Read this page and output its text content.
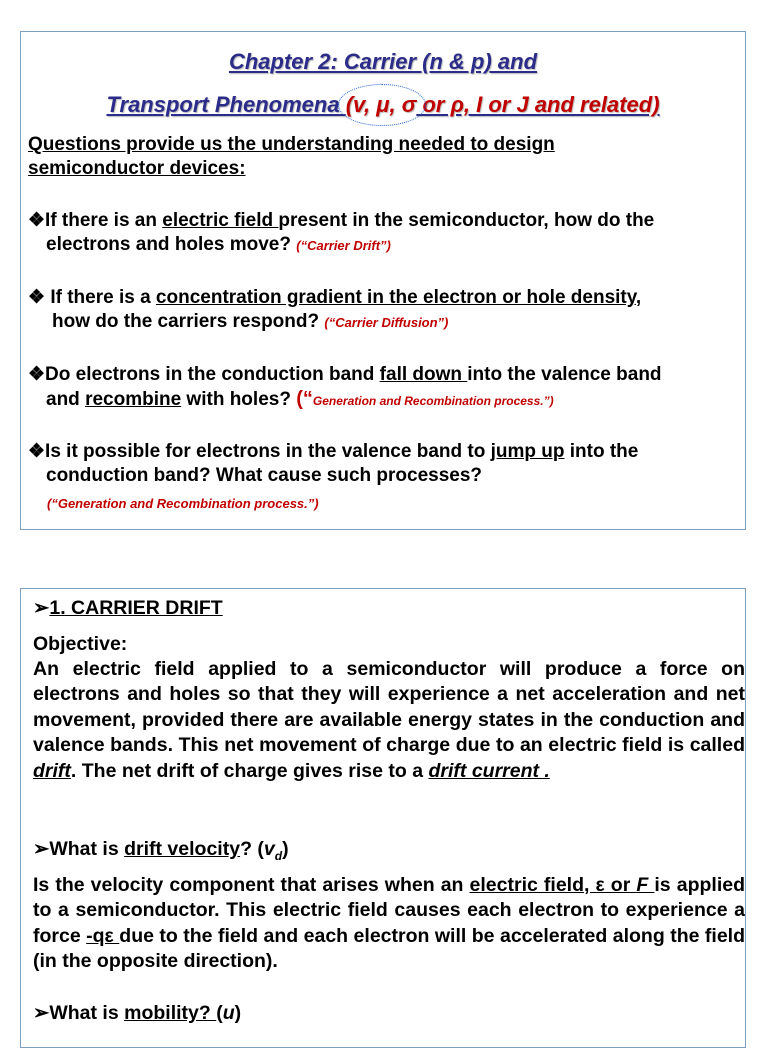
Chapter 2: Carrier (n & p) and
Transport Phenomena (v, μ, σ or ρ, I or J and related)
Questions provide us the understanding needed to design
semiconductor devices:
❖If there is an electric field present in the semiconductor, how do the
electrons and holes move? (“Carrier Drift”)
❖ If there is a concentration gradient in the electron or hole density,
how do the carriers respond? (“Carrier Diffusion”)
❖Do electrons in the conduction band fall down into the valence band
and recombine with holes? (“Generation and Recombination process.”)
❖Is it possible for electrons in the valence band to jump up into the
conduction band? What cause such processes?
(“Generation and Recombination process.”)
➢1. CARRIER DRIFT
Objective:
An electric field applied to a semiconductor will produce a force on electrons and holes so that they will experience a net acceleration and net movement, provided there are available energy states in the conduction and valence bands. This net movement of charge due to an electric field is called drift. The net drift of charge gives rise to a drift current .
➢What is drift velocity? $(v_d)$
Is the velocity component that arises when an electric field, ε or F is applied to a semiconductor. This electric field causes each electron to experience a force -qε due to the field and each electron will be accelerated along the field (in the opposite direction).
➢What is mobility? (u)
